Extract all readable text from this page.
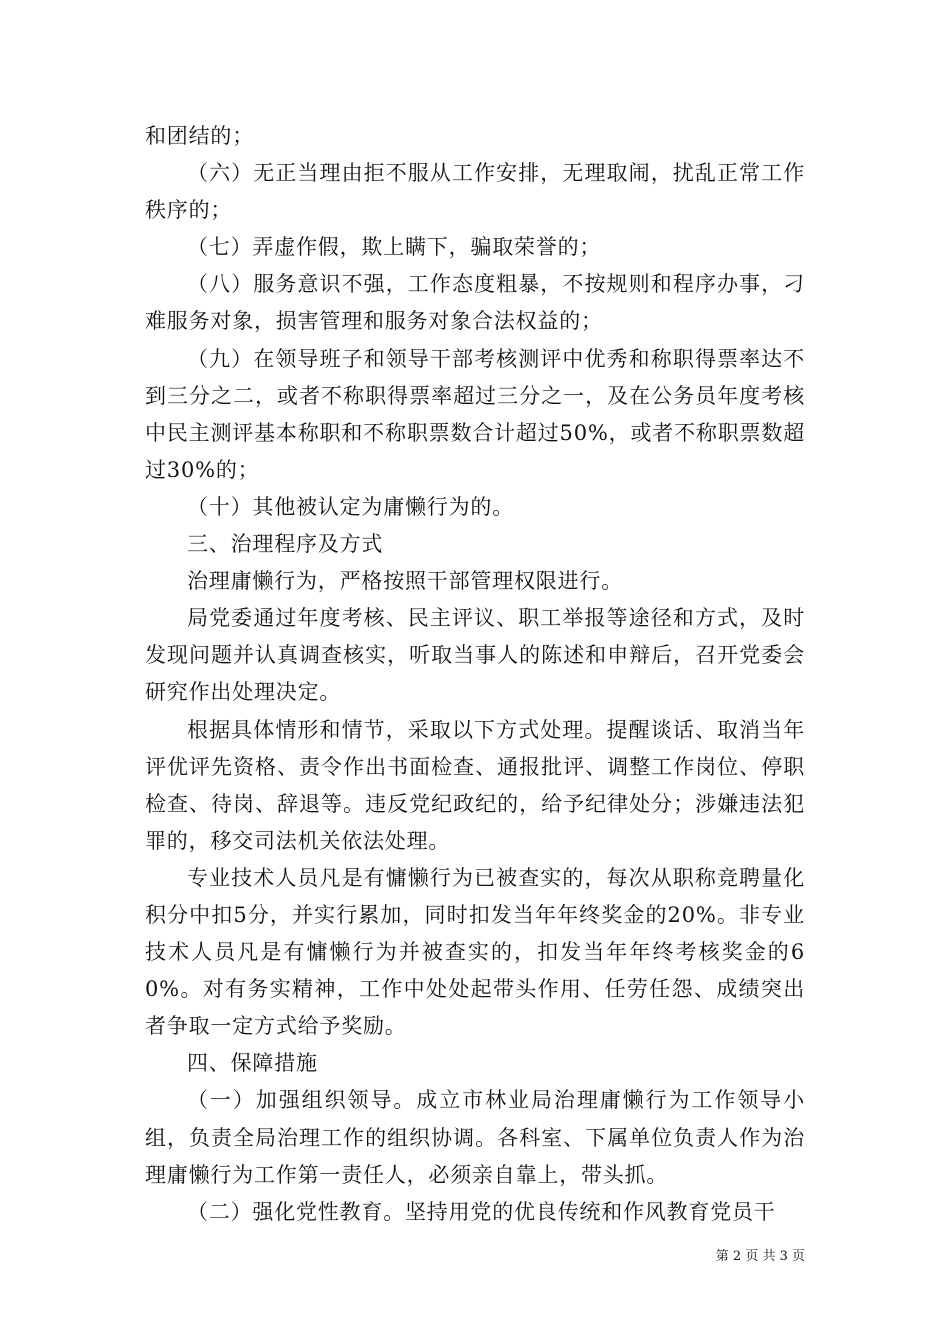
和团结的；

（六）无正当理由拒不服从工作安排，无理取闹，扰乱正常工作秩序的；

（七）弄虚作假，欺上瞒下，骗取荣誉的；

（八）服务意识不强，工作态度粗暴，不按规则和程序办事，刁难服务对象，损害管理和服务对象合法权益的；

（九）在领导班子和领导干部考核测评中优秀和称职得票率达不到三分之二，或者不称职得票率超过三分之一，及在公务员年度考核中民主测评基本称职和不称职票数合计超过50%，或者不称职票数超过30%的；

（十）其他被认定为庸懒行为的。

三、治理程序及方式

治理庸懒行为，严格按照干部管理权限进行。

局党委通过年度考核、民主评议、职工举报等途径和方式，及时发现问题并认真调查核实，听取当事人的陈述和申辩后，召开党委会研究作出处理决定。

根据具体情形和情节，采取以下方式处理。提醒谈话、取消当年评优评先资格、责令作出书面检查、通报批评、调整工作岗位、停职检查、待岗、辞退等。违反党纪政纪的，给予纪律处分；涉嫌违法犯罪的，移交司法机关依法处理。

专业技术人员凡是有慵懒行为已被查实的，每次从职称竞聘量化积分中扣5分，并实行累加，同时扣发当年年终奖金的20%。非专业技术人员凡是有慵懒行为并被查实的，扣发当年年终考核奖金的60%。对有务实精神，工作中处处起带头作用、任劳任怨、成绩突出者争取一定方式给予奖励。

四、保障措施

（一）加强组织领导。成立市林业局治理庸懒行为工作领导小组，负责全局治理工作的组织协调。各科室、下属单位负责人作为治理庸懒行为工作第一责任人，必须亲自靠上，带头抓。

（二）强化党性教育。坚持用党的优良传统和作风教育党员干

第 2 页 共 3 页
